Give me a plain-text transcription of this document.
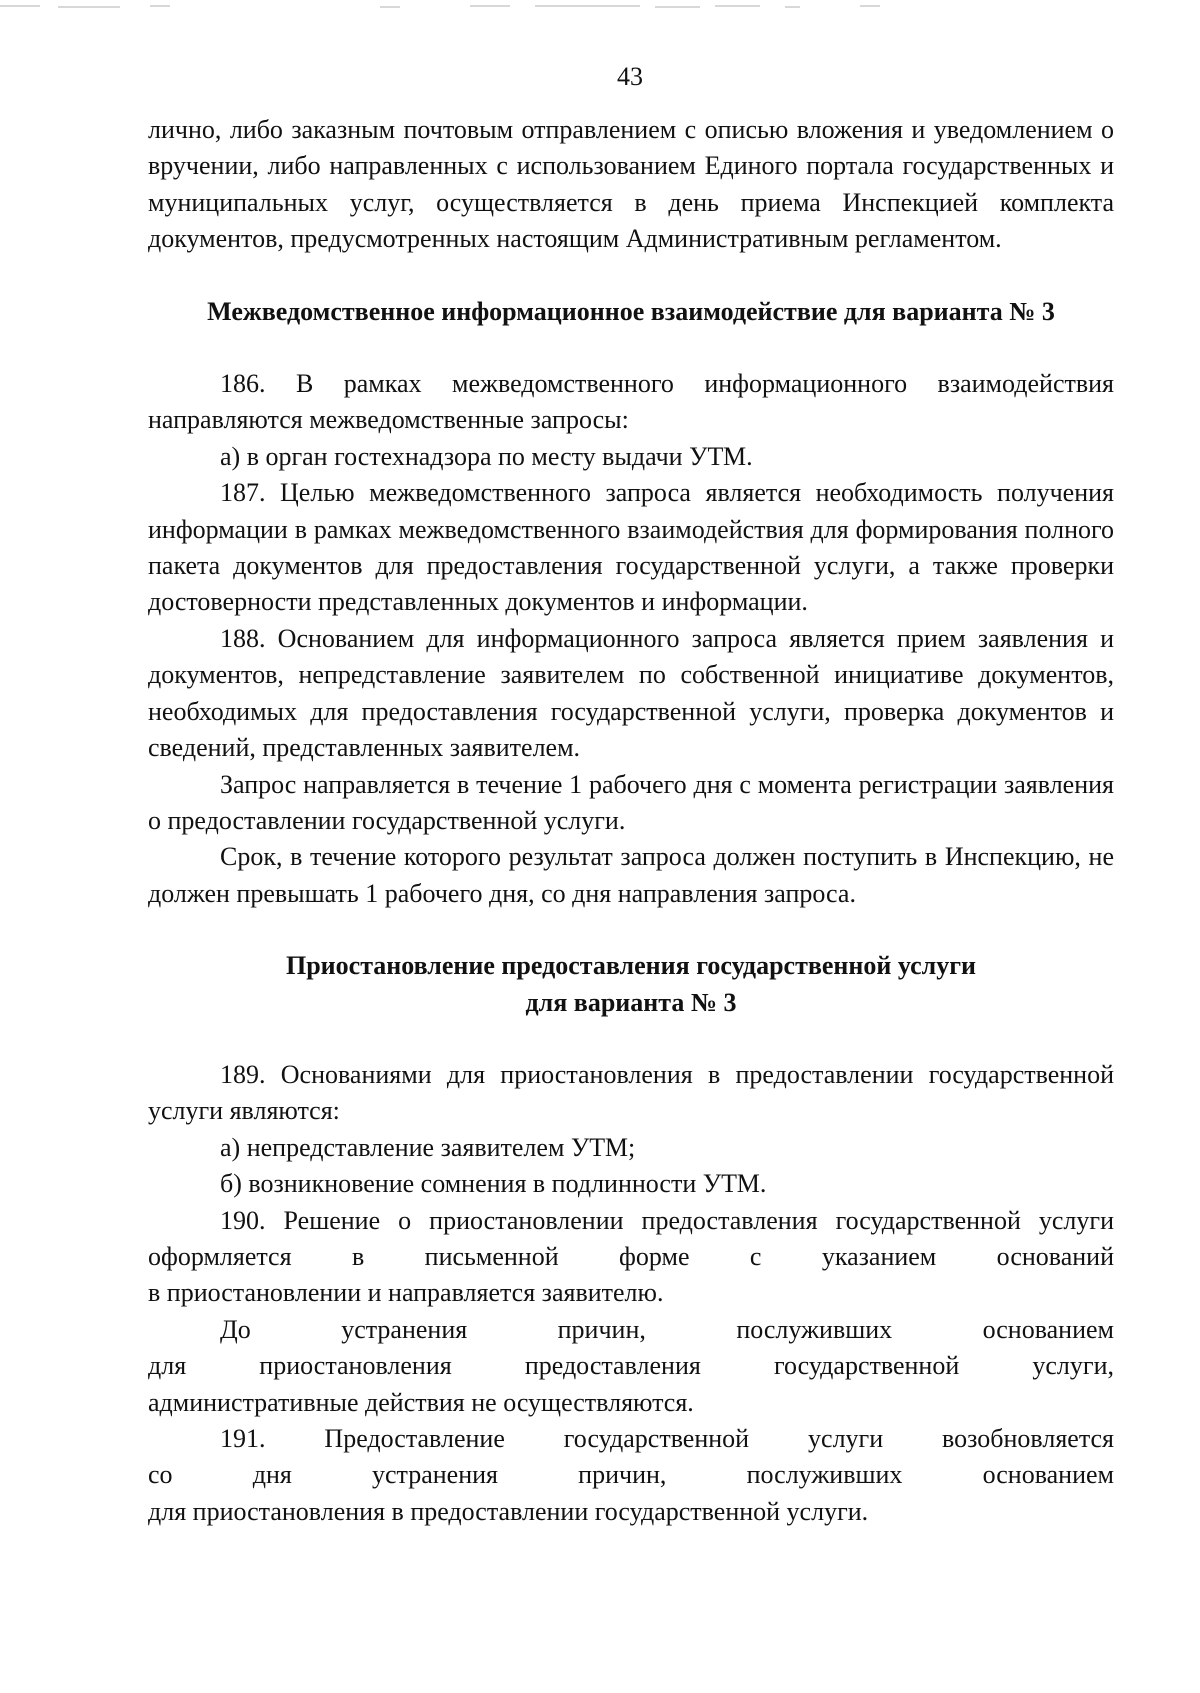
43

лично, либо заказным почтовым отправлением с описью вложения и уведомлением о вручении, либо направленных с использованием Единого портала государственных и муниципальных услуг, осуществляется в день приема Инспекцией комплекта документов, предусмотренных настоящим Административным регламентом.

Межведомственное информационное взаимодействие для варианта № 3

186. В рамках межведомственного информационного взаимодействия направляются межведомственные запросы:

а) в орган гостехнадзора по месту выдачи УТМ.

187. Целью межведомственного запроса является необходимость получения информации в рамках межведомственного взаимодействия для формирования полного пакета документов для предоставления государственной услуги, а также проверки достоверности представленных документов и информации.

188. Основанием для информационного запроса является прием заявления и документов, непредставление заявителем по собственной инициативе документов, необходимых для предоставления государственной услуги, проверка документов и сведений, представленных заявителем.

Запрос направляется в течение 1 рабочего дня с момента регистрации заявления о предоставлении государственной услуги.

Срок, в течение которого результат запроса должен поступить в Инспекцию, не должен превышать 1 рабочего дня, со дня направления запроса.

Приостановление предоставления государственной услуги
для варианта № 3

189. Основаниями для приостановления в предоставлении государственной услуги являются:

а) непредставление заявителем УТМ;

б) возникновение сомнения в подлинности УТМ.

190. Решение о приостановлении предоставления государственной услуги

оформляется в письменной форме с указанием оснований

в приостановлении и направляется заявителю.

До устранения причин, послуживших основанием

для приостановления предоставления государственной услуги,

административные действия не осуществляются.

191. Предоставление государственной услуги возобновляется

со дня устранения причин, послуживших основанием

для приостановления в предоставлении государственной услуги.
